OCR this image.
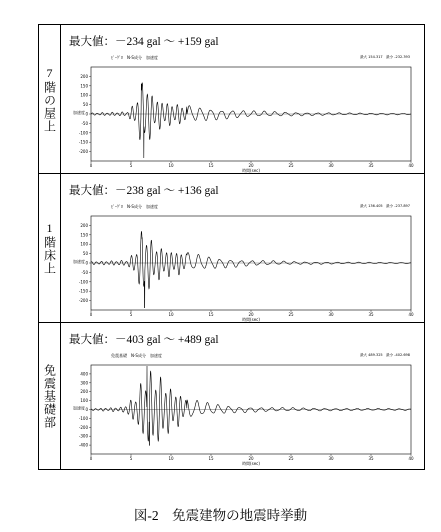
7階の屋上
最大値：－234 gal ～ +159 gal
ﾋﾟｰｸﾞﾛ　N-S成分　加速度	最大 154.317　最小 -232.393
200
150
100
50
0
-50
-100
-150
-200
0	5	10	15	20	25	30	35	40
時間(sec)
加速度
1階床上
最大値：－238 gal ～ +136 gal
ﾋﾟｰｸﾞﾛ　N-S成分　加速度	最大 136.405　最小 -237.897
200
150
100
50
0
-50
-100
-150
-200
0	5	10	15	20	25	30	35	40
時間(sec)
加速度
免震基礎部
最大値：－403 gal ～ +489 gal
免震基礎　N-S成分　加速度	最大 489.325　最小 -402.698
400
300
200
100
0
-100
-200
-300
-400
0	5	10	15	20	25	30	35	40
時間(sec)
加速度
図-2　免震建物の地震時挙動
